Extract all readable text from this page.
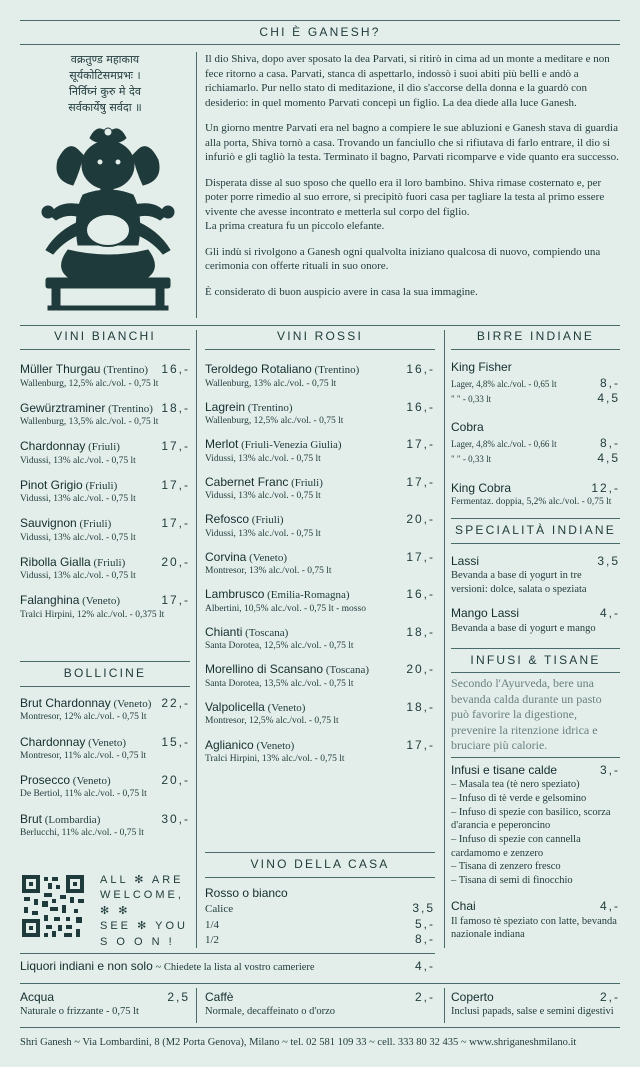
CHI È GANESH?
वक्रतुण्ड महाकाय
सूर्यकोटिसमप्रभः ।
निर्विघ्नं कुरु मे देव
सर्वकार्येषु सर्वदा ॥

Il dio Shiva, dopo aver sposato la dea Parvati, si ritirò in cima ad un monte a meditare e non fece ritorno a casa. Parvati, stanca di aspettarlo, indossò i suoi abiti più belli e andò a richiamarlo. Pur nello stato di meditazione, il dio s'accorse della donna e la guardò con desiderio: in quel momento Parvati concepì un figlio. La dea diede alla luce Ganesh.

Un giorno mentre Parvati era nel bagno a compiere le sue abluzioni e Ganesh stava di guardia alla porta, Shiva tornò a casa. Trovando un fanciullo che si rifiutava di farlo entrare, il dio si infuriò e gli tagliò la testa. Terminato il bagno, Parvati ricomparve e vide quanto era successo.

Disperata disse al suo sposo che quello era il loro bambino. Shiva rimase costernato e, per poter porre rimedio al suo errore, si precipitò fuori casa per tagliare la testa al primo essere vivente che avesse incontrato e metterla sul corpo del figlio.

La prima creatura fu un piccolo elefante.

Gli indù si rivolgono a Ganesh ogni qualvolta iniziano qualcosa di nuovo, compiendo una cerimonia con offerte rituali in suo onore.

È considerato di buon auspicio avere in casa la sua immagine.

VINI BIANCHI
Müller Thurgau (Trentino) 16,-
Wallenburg, 12,5% alc./vol. - 0,75 lt
Gewürztraminer (Trentino) 18,-
Wallenburg, 13,5% alc./vol. - 0,75 lt
Chardonnay (Friuli)	17,-
Vidussi, 13% alc./vol. - 0,75 lt
Pinot Grigio (Friuli)	17,-
Vidussi, 13% alc./vol. - 0,75 lt
Sauvignon (Friuli)	17,-
Vidussi, 13% alc./vol. - 0,75 lt
Ribolla Gialla (Friuli)	20,-
Vidussi, 13% alc./vol. - 0,75 lt
Falanghina (Veneto)	17,-
Tralci Hirpini, 12% alc./vol. - 0,375 lt
BOLLICINE
Brut Chardonnay (Veneto) 22,-
Montresor, 12% alc./vol. - 0,75 lt
Chardonnay (Veneto)	15,-
Montresor, 11% alc./vol. - 0,75 lt
Prosecco (Veneto)	20,-
De Bertiol, 11% alc./vol. - 0,75 lt
Brut (Lombardia)	30,-
Berlucchi, 11% alc./vol. - 0,75 lt
ALL ✻ ARE
WELCOME,
✻ ✻
SEE ✻ YOU
S O O N !
VINI ROSSI
Teroldego Rotaliano (Trentino)	16,-
Wallenburg, 13% alc./vol. - 0,75 lt
Lagrein (Trentino)	16,-
Wallenburg, 12,5% alc./vol. - 0,75 lt
Merlot (Friuli-Venezia Giulia)	17,-
Vidussi, 13% alc./vol. - 0,75 lt
Cabernet Franc (Friuli)	17,-
Vidussi, 13% alc./vol. - 0,75 lt
Refosco (Friuli)	20,-
Vidussi, 13% alc./vol. - 0,75 lt
Corvina (Veneto)	17,-
Montresor, 13% alc./vol. - 0,75 lt
Lambrusco (Emilia-Romagna)	16,-
Albertini, 10,5% alc./vol. - 0,75 lt - mosso
Chianti (Toscana)	18,-
Santa Dorotea, 12,5% alc./vol. - 0,75 lt
Morellino di Scansano (Toscana)	20,-
Santa Dorotea, 13,5% alc./vol. - 0,75 lt
Valpolicella (Veneto)	18,-
Montresor, 12,5% alc./vol. - 0,75 lt
Aglianico (Veneto)	17,-
Tralci Hirpini, 13% alc./vol. - 0,75 lt
VINO DELLA CASA
Rosso o bianco
Calice	3,5
1/4	5,-
1/2	8,-
BIRRE INDIANE
King Fisher
Lager, 4,8% alc./vol. - 0,65 lt	8,-
" " - 0,33 lt	4,5
Cobra
Lager, 4,8% alc./vol. - 0,66 lt	8,-
" " - 0,33 lt	4,5
King Cobra	12,-
Fermentaz. doppia, 5,2% alc./vol. - 0,75 lt
SPECIALITÀ INDIANE
Lassi	3,5
Bevanda a base di yogurt in tre versioni: dolce, salata o speziata
Mango Lassi	4,-
Bevanda a base di yogurt e mango
INFUSI & TISANE
Secondo l'Ayurveda, bere una bevanda calda durante un pasto può favorire la digestione, prevenire la ritenzione idrica e bruciare più calorie.
Infusi e tisane calde	3,-
– Masala tea (tè nero speziato)
– Infuso di tè verde e gelsomino
– Infuso di spezie con basilico, scorza d'arancia e peperoncino
– Infuso di spezie con cannella cardamomo e zenzero
– Tisana di zenzero fresco
– Tisana di semi di finocchio
Chai	4,-
Il famoso tè speziato con latte, bevanda nazionale indiana
Liquori indiani e non solo ~ Chiedete la lista al vostro cameriere	4,-
Acqua	2,5
Naturale o frizzante - 0,75 lt
Caffè	2,-
Normale, decaffeinato o d'orzo
Coperto	2,-
Inclusi papads, salse e semini digestivi
Shri Ganesh ~ Via Lombardini, 8 (M2 Porta Genova), Milano ~ tel. 02 581 109 33 ~ cell. 333 80 32 435 ~ www.shriganeshmilano.it
